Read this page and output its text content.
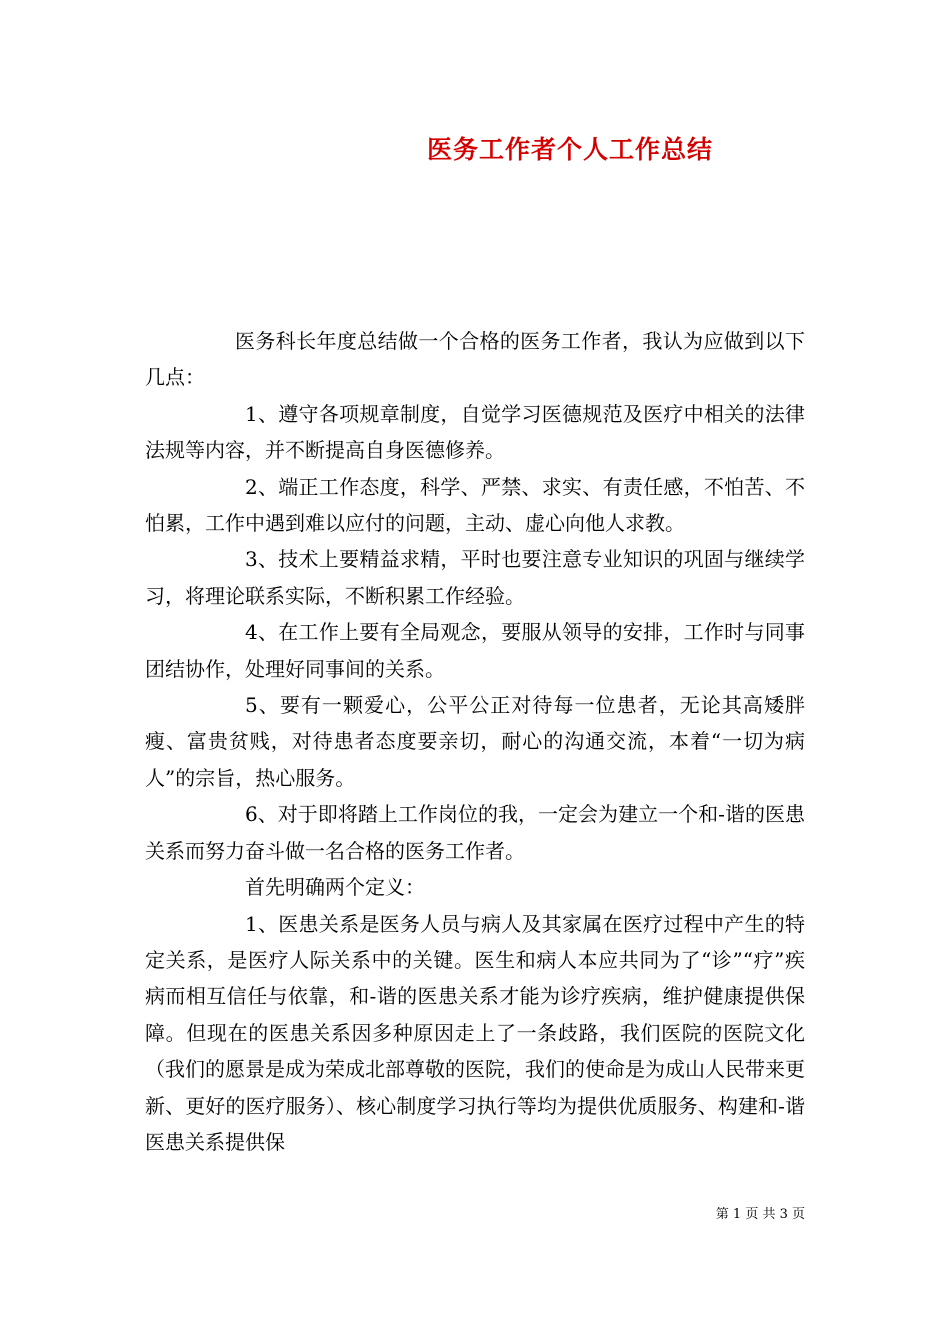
医务工作者个人工作总结

医务科长年度总结做一个合格的医务工作者，我认为应做到以下几点：

1、遵守各项规章制度，自觉学习医德规范及医疗中相关的法律法规等内容，并不断提高自身医德修养。

2、端正工作态度，科学、严禁、求实、有责任感，不怕苦、不怕累，工作中遇到难以应付的问题，主动、虚心向他人求教。

3、技术上要精益求精，平时也要注意专业知识的巩固与继续学习，将理论联系实际，不断积累工作经验。

4、在工作上要有全局观念，要服从领导的安排，工作时与同事团结协作，处理好同事间的关系。

5、要有一颗爱心，公平公正对待每一位患者，无论其高矮胖瘦、富贵贫贱，对待患者态度要亲切，耐心的沟通交流，本着“一切为病人”的宗旨，热心服务。

6、对于即将踏上工作岗位的我，一定会为建立一个和-谐的医患关系而努力奋斗做一名合格的医务工作者。

首先明确两个定义：

1、医患关系是医务人员与病人及其家属在医疗过程中产生的特定关系，是医疗人际关系中的关键。医生和病人本应共同为了“诊”“疗”疾病而相互信任与依靠，和-谐的医患关系才能为诊疗疾病，维护健康提供保障。但现在的医患关系因多种原因走上了一条歧路，我们医院的医院文化（我们的愿景是成为荣成北部尊敬的医院，我们的使命是为成山人民带来更新、更好的医疗服务）、核心制度学习执行等均为提供优质服务、构建和-谐医患关系提供保

第 1 页 共 3 页
